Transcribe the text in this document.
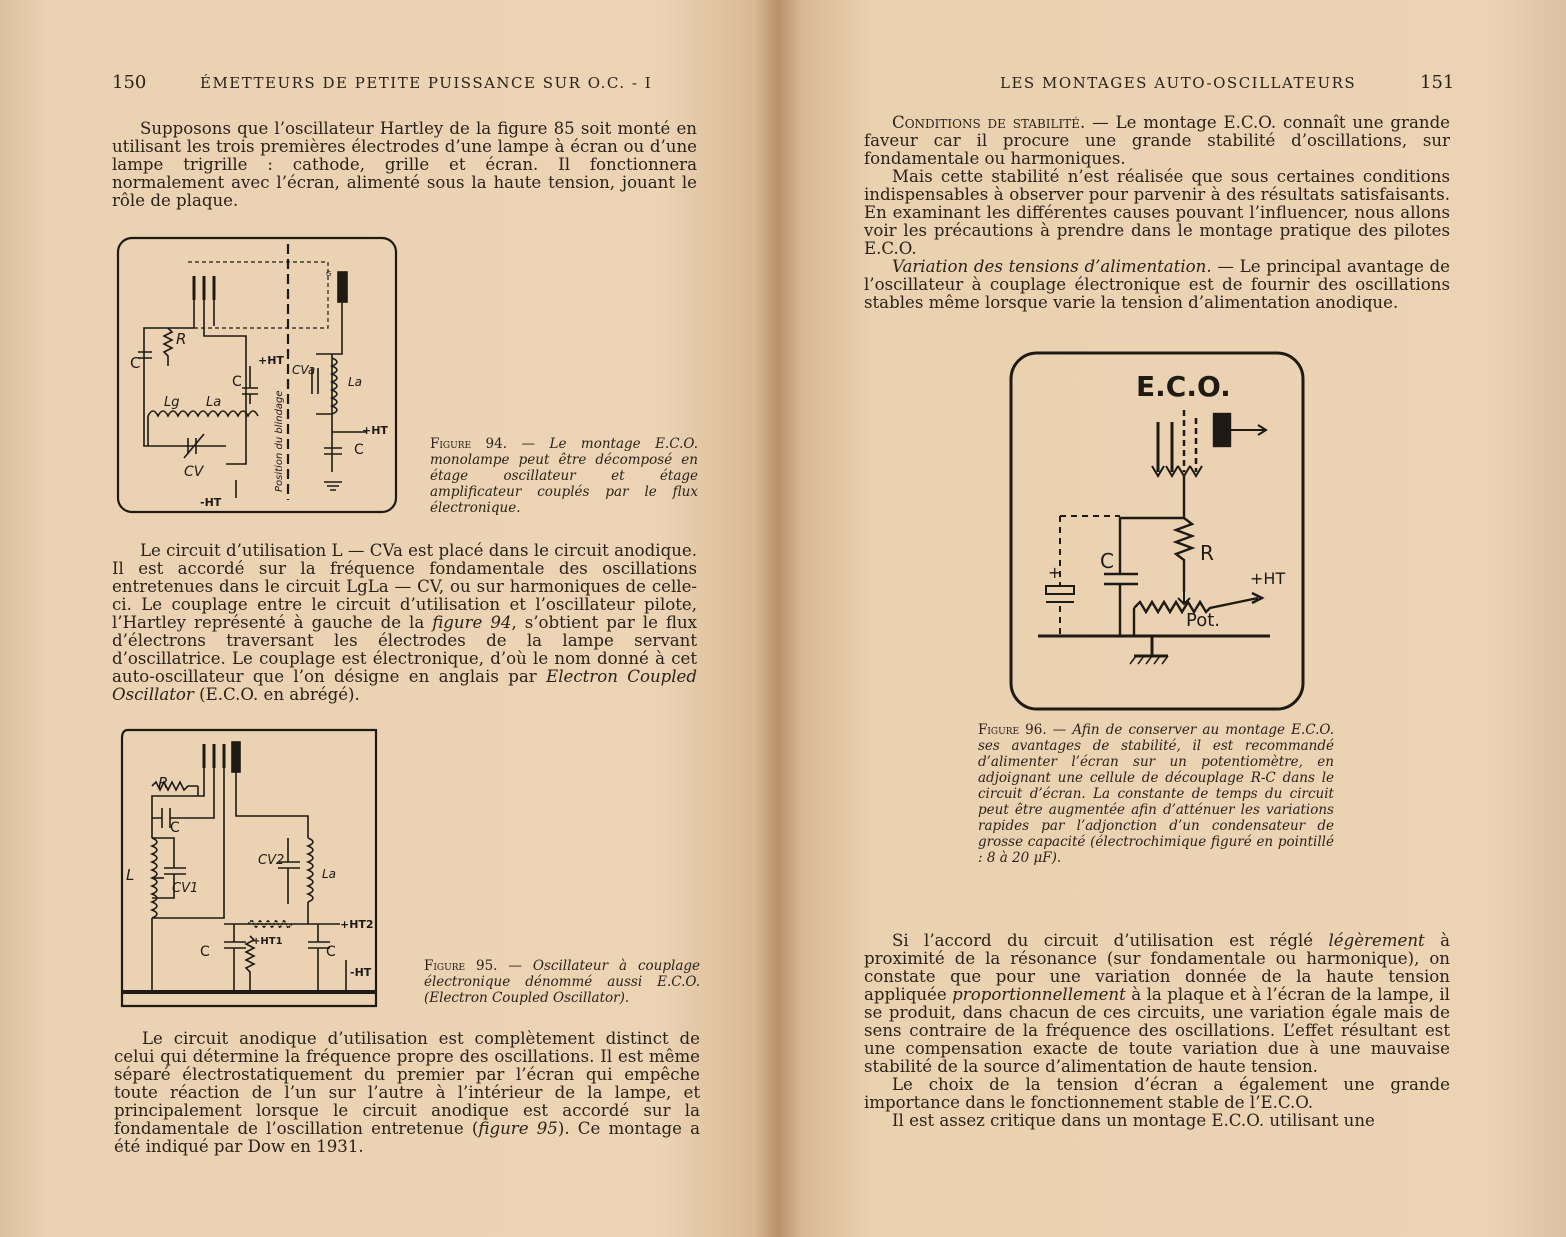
150	ÉMETTEURS DE PETITE PUISSANCE SUR O.C. - I

Supposons que l’oscillateur Hartley de la figure 85 soit monté en utilisant les trois premières électrodes d’une lampe à écran ou d’une lampe trigrille : cathode, grille et écran. Il fonctionnera normalement avec l’écran, alimenté sous la haute tension, jouant le rôle de plaque.

C
R
+HT
CVa
La
C
Lg La
+HT
C
CV
-HT
Position du blindage
G
Figure 94. — Le montage E.C.O. monolampe peut être décomposé en étage oscillateur et étage amplificateur couplés par le flux électronique.

Le circuit d’utilisation L — CVa est placé dans le circuit anodique. Il est accordé sur la fréquence fondamentale des oscillations entretenues dans le circuit LgLa — CV, ou sur harmoniques de celle-ci. Le couplage entre le circuit d’utilisation et l’oscillateur pilote, l’Hartley représenté à gauche de la figure 94, s’obtient par le flux d’électrons traversant les électrodes de la lampe servant d’oscillatrice. Le couplage est électronique, d’où le nom donné à cet auto-oscillateur que l’on désigne en anglais par Electron Coupled Oscillator (E.C.O. en abrégé).

R
C
L
CV1
CV2
La
+HT2
+HT1
C	C
-HT	Figure 95. — Oscillateur à couplage électronique dénommé aussi E.C.O. (Electron Coupled Oscillator).

Le circuit anodique d’utilisation est complètement distinct de celui qui détermine la fréquence propre des oscillations. Il est même séparé électrostatiquement du premier par l’écran qui empêche toute réaction de l’un sur l’autre à l’intérieur de la lampe, et principalement lorsque le circuit anodique est accordé sur la fondamentale de l’oscillation entretenue (figure 95). Ce montage a été indiqué par Dow en 1931.

LES MONTAGES AUTO-OSCILLATEURS	151

Conditions de stabilité. — Le montage E.C.O. connaît une grande faveur car il procure une grande stabilité d’oscillations, sur fondamentale ou harmoniques.

Mais cette stabilité n’est réalisée que sous certaines conditions indispensables à observer pour parvenir à des résultats satisfaisants. En examinant les différentes causes pouvant l’influencer, nous allons voir les précautions à prendre dans le montage pratique des pilotes E.C.O.

Variation des tensions d’alimentation. — Le principal avantage de l’oscillateur à couplage électronique est de fournir des oscillations stables même lorsque varie la tension d’alimentation anodique.

E.C.O.
R
C
+HT
Pot.
+
Figure 96. — Afin de conserver au montage E.C.O. ses avantages de stabilité, il est recommandé d’alimenter l’écran sur un potentiomètre, en adjoignant une cellule de découplage R-C dans le circuit d’écran. La constante de temps du circuit peut être augmentée afin d’atténuer les variations rapides par l’adjonction d’un condensateur de grosse capacité (électrochimique figuré en pointillé : 8 à 20 μF).

Si l’accord du circuit d’utilisation est réglé légèrement à proximité de la résonance (sur fondamentale ou harmonique), on constate que pour une variation donnée de la haute tension appliquée proportionnellement à la plaque et à l’écran de la lampe, il se produit, dans chacun de ces circuits, une variation égale mais de sens contraire de la fréquence des oscillations. L’effet résultant est une compensation exacte de toute variation due à une mauvaise stabilité de la source d’alimentation de haute tension.

Le choix de la tension d’écran a également une grande importance dans le fonctionnement stable de l’E.C.O.

Il est assez critique dans un montage E.C.O. utilisant une
